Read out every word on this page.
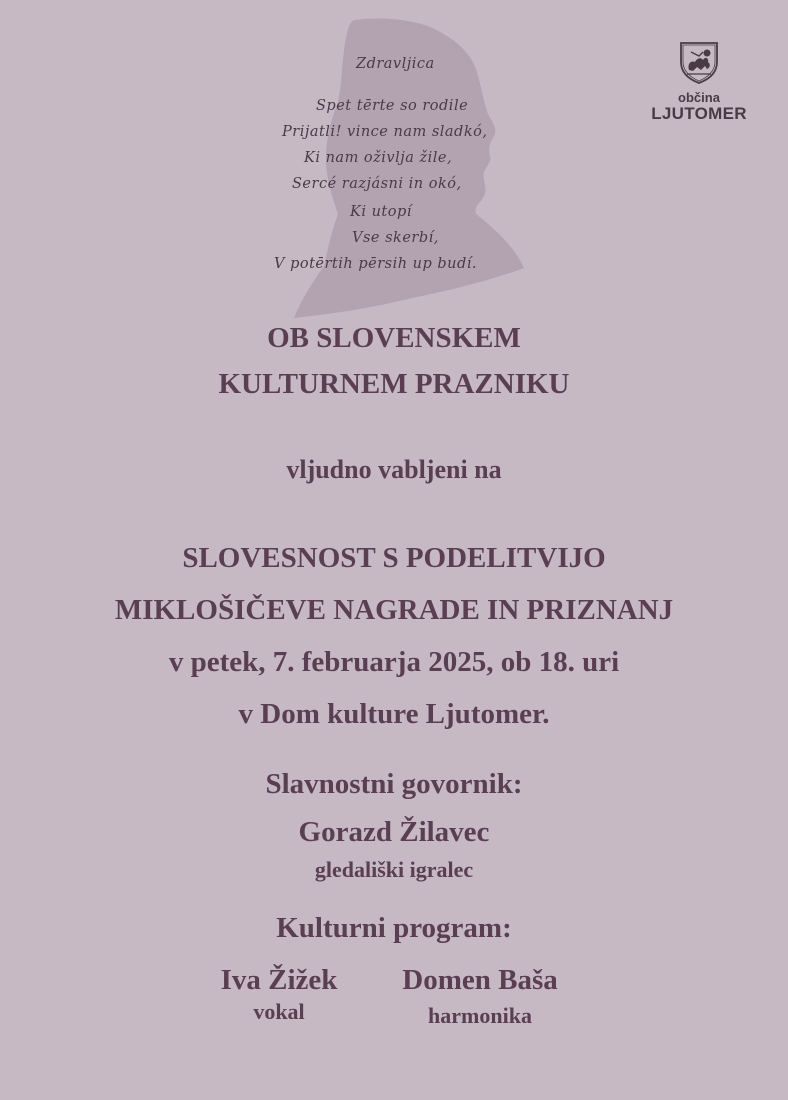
Zdravljica
Spet tērte so rodile
Prijatli! vince nam sladkó,
Ki nam oživlja žile,
Sercé razjásni in okó,
Ki utopí
Vse skerbí,
V potērtih pērsih up budí.
občina
LJUTOMER
OB SLOVENSKEM
KULTURNEM PRAZNIKU
vljudno vabljeni na
SLOVESNOST S PODELITVIJO
MIKLOŠIČEVE NAGRADE IN PRIZNANJ
v petek, 7. februarja 2025, ob 18. uri
v Dom kulture Ljutomer.
Slavnostni govornik:
Gorazd Žilavec
gledališki igralec
Kulturni program:
Iva Žižek
vokal
Domen Baša
harmonika
